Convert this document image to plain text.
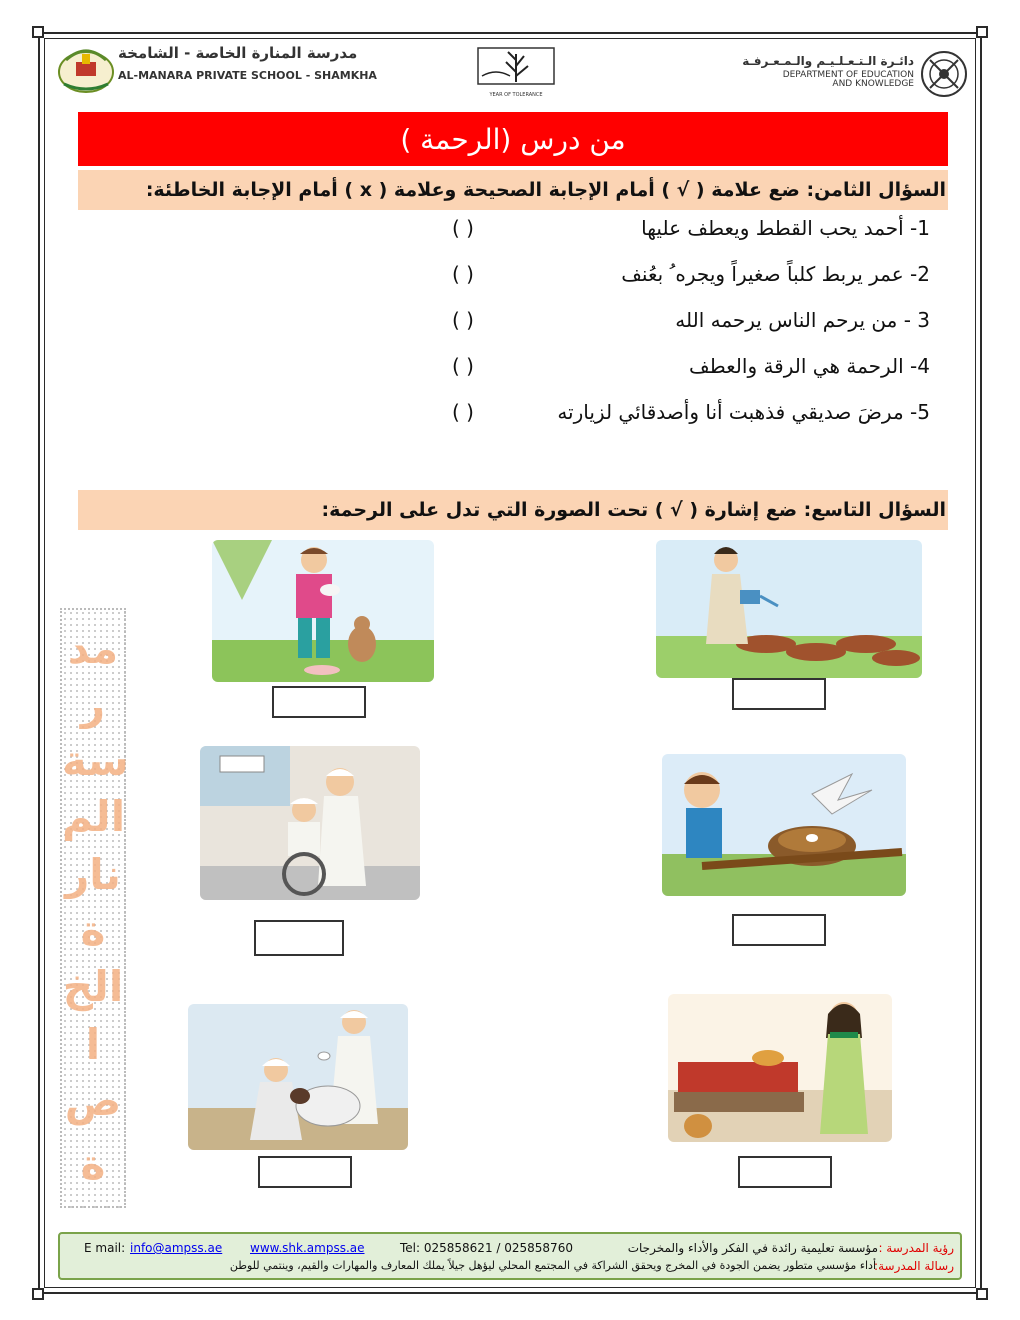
مدرسة المنارة الخاصة - الشامخة
AL-MANARA PRIVATE SCHOOL - SHAMKHA
YEAR OF TOLERANCE
دائـرة الـتـعـلـيـم والـمـعـرفـة
DEPARTMENT OF EDUCATION
AND KNOWLEDGE
من درس (الرحمة )
السؤال الثامن: ضع علامة ( √ ) أمام الإجابة الصحيحة وعلامة ( x ) أمام الإجابة الخاطئة:
1- أحمد يحب القطط ويعطف عليها
( )
2- عمر يربط كلباً صغيراً ويجره ُ بعُنف
( )
3 - من يرحم الناس يرحمه الله
( )
4- الرحمة هي الرقة والعطف
( )
5- مرضَ صديقي فذهبت أنا وأصدقائي لزيارته
( )
السؤال التاسع: ضع إشارة ( √ ) تحت الصورة التي تدل على الرحمة:
مد
ر
سة
الم
نار
ة
الخ
ا
ص
ة
E mail: info@ampss.ae www.shk.ampss.ae	Tel: 025858621 / 025858760	مؤسسة تعليمية رائدة في الفكر والأداء والمخرجات رؤية المدرسة :
أداء مؤسسي متطور يضمن الجودة في المخرج ويحقق الشراكة في المجتمع المحلي ليؤهل جيلاً يملك المعارف والمهارات والقيم، وينتمي للوطن
رسالة المدرسة:
